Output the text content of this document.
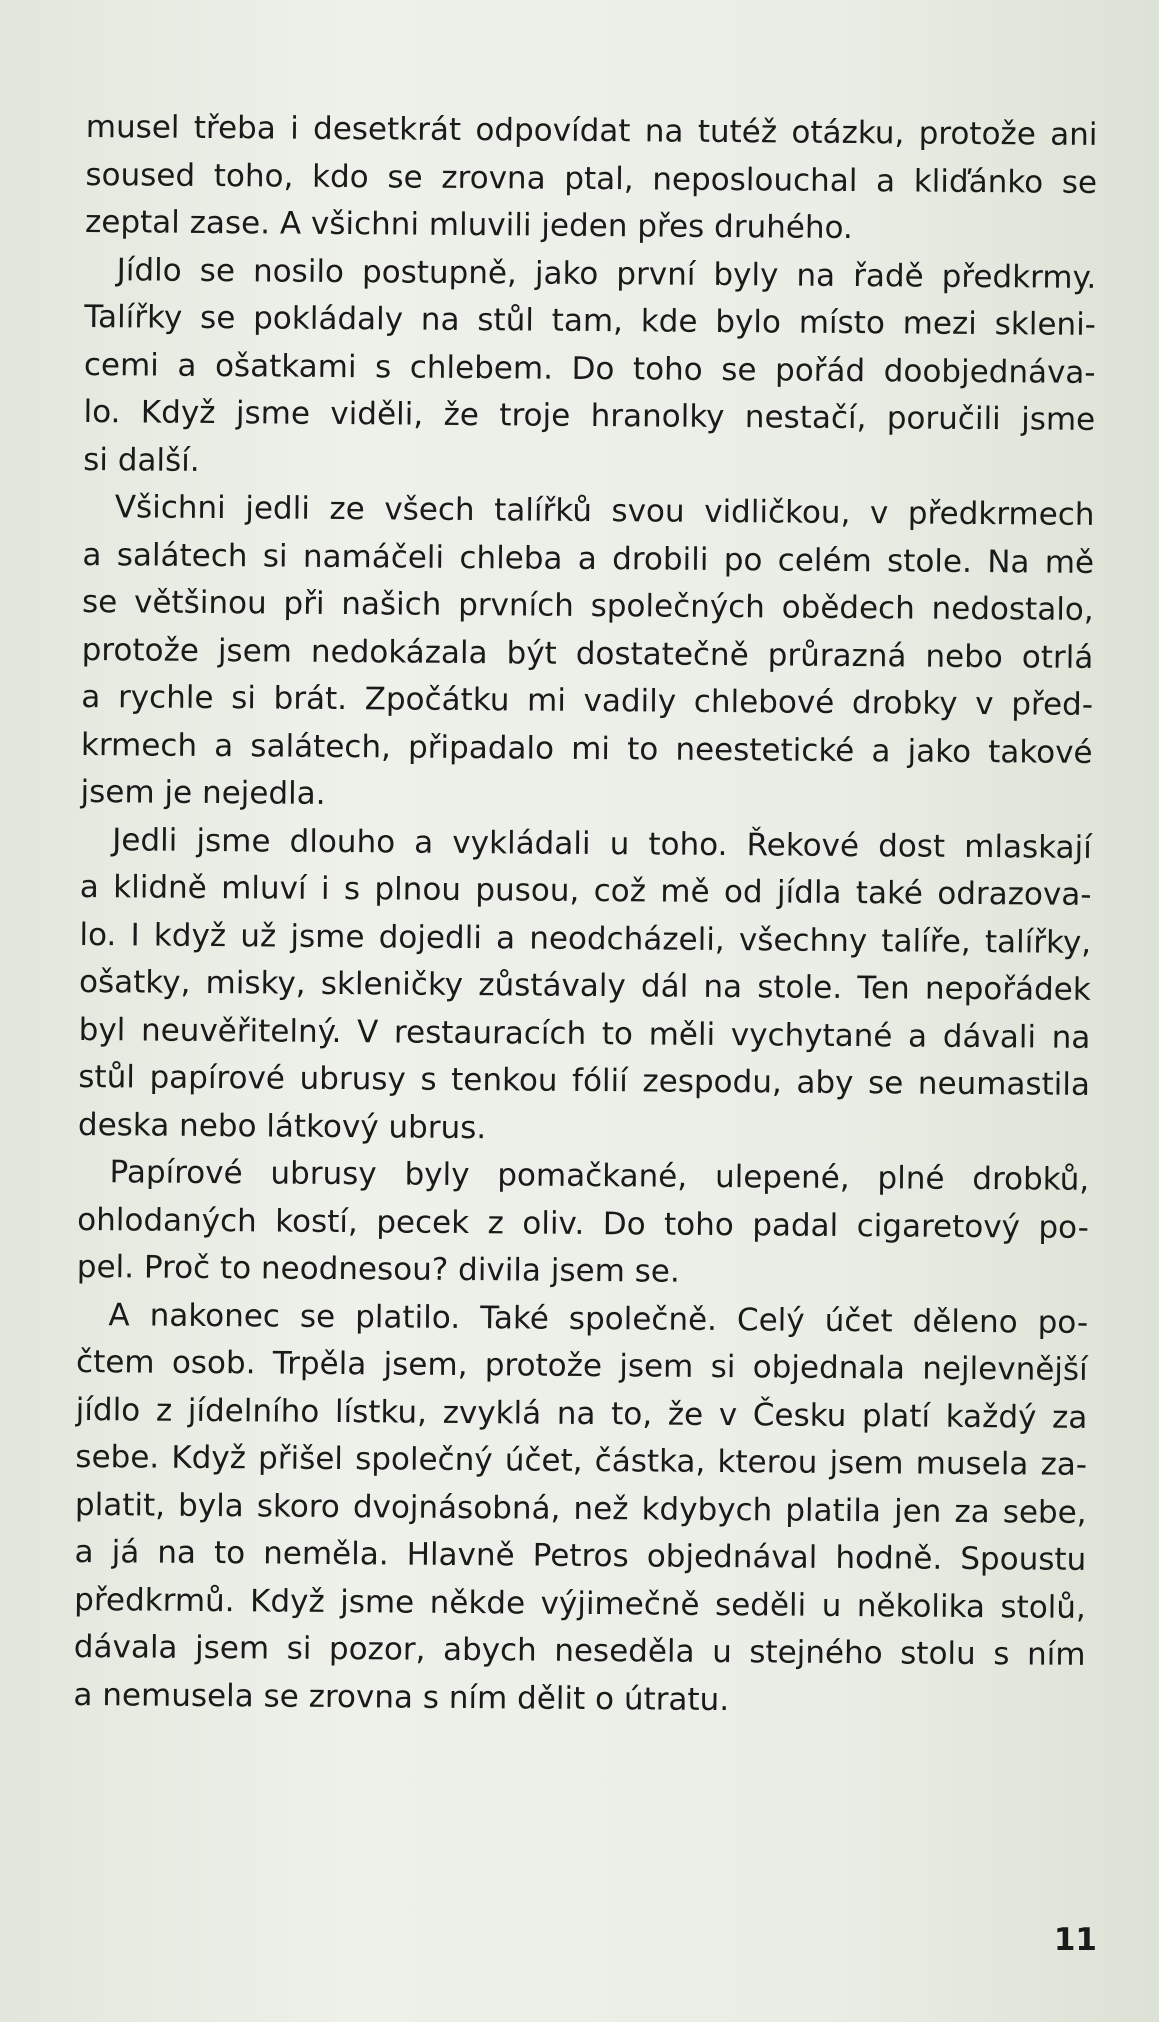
musel třeba i desetkrát odpovídat na tutéž otázku, protože ani
soused toho, kdo se zrovna ptal, neposlouchal a kliďánko se
zeptal zase. A všichni mluvili jeden přes druhého.
Jídlo se nosilo postupně, jako první byly na řadě předkrmy.
Talířky se pokládaly na stůl tam, kde bylo místo mezi skleni-
cemi a ošatkami s chlebem. Do toho se pořád doobjednáva-
lo. Když jsme viděli, že troje hranolky nestačí, poručili jsme
si další.
Všichni jedli ze všech talířků svou vidličkou, v předkrmech
a salátech si namáčeli chleba a drobili po celém stole. Na mě
se většinou při našich prvních společných obědech nedostalo,
protože jsem nedokázala být dostatečně průrazná nebo otrlá
a rychle si brát. Zpočátku mi vadily chlebové drobky v před-
krmech a salátech, připadalo mi to neestetické a jako takové
jsem je nejedla.
Jedli jsme dlouho a vykládali u toho. Řekové dost mlaskají
a klidně mluví i s plnou pusou, což mě od jídla také odrazova-
lo. I když už jsme dojedli a neodcházeli, všechny talíře, talířky,
ošatky, misky, skleničky zůstávaly dál na stole. Ten nepořádek
byl neuvěřitelný. V restauracích to měli vychytané a dávali na
stůl papírové ubrusy s tenkou fólií zespodu, aby se neumastila
deska nebo látkový ubrus.
Papírové ubrusy byly pomačkané, ulepené, plné drobků,
ohlodaných kostí, pecek z oliv. Do toho padal cigaretový po-
pel. Proč to neodnesou? divila jsem se.
A nakonec se platilo. Také společně. Celý účet děleno po-
čtem osob. Trpěla jsem, protože jsem si objednala nejlevnější
jídlo z jídelního lístku, zvyklá na to, že v Česku platí každý za
sebe. Když přišel společný účet, částka, kterou jsem musela za-
platit, byla skoro dvojnásobná, než kdybych platila jen za sebe,
a já na to neměla. Hlavně Petros objednával hodně. Spoustu
předkrmů. Když jsme někde výjimečně seděli u několika stolů,
dávala jsem si pozor, abych neseděla u stejného stolu s ním
a nemusela se zrovna s ním dělit o útratu.
11
